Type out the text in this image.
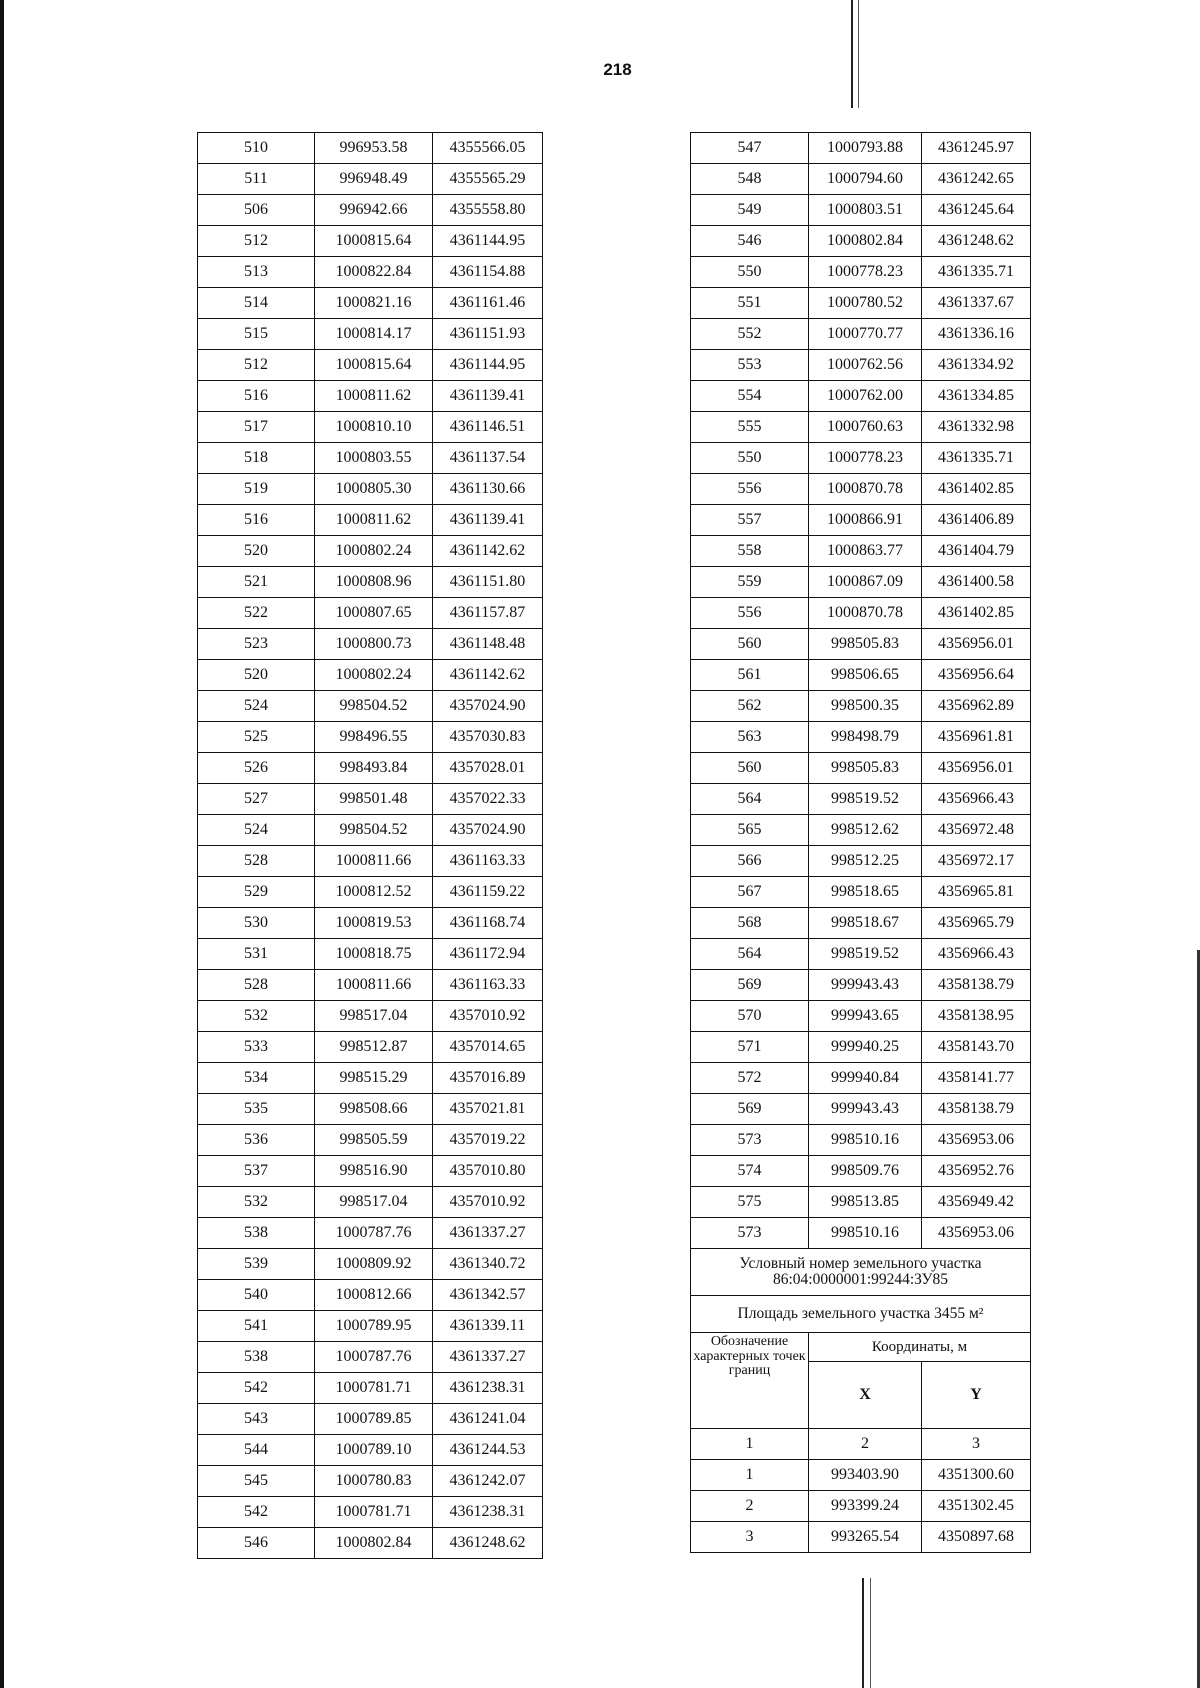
218
510	996953.58	4355566.05
511	996948.49	4355565.29
506	996942.66	4355558.80
512	1000815.64	4361144.95
513	1000822.84	4361154.88
514	1000821.16	4361161.46
515	1000814.17	4361151.93
512	1000815.64	4361144.95
516	1000811.62	4361139.41
517	1000810.10	4361146.51
518	1000803.55	4361137.54
519	1000805.30	4361130.66
516	1000811.62	4361139.41
520	1000802.24	4361142.62
521	1000808.96	4361151.80
522	1000807.65	4361157.87
523	1000800.73	4361148.48
520	1000802.24	4361142.62
524	998504.52	4357024.90
525	998496.55	4357030.83
526	998493.84	4357028.01
527	998501.48	4357022.33
524	998504.52	4357024.90
528	1000811.66	4361163.33
529	1000812.52	4361159.22
530	1000819.53	4361168.74
531	1000818.75	4361172.94
528	1000811.66	4361163.33
532	998517.04	4357010.92
533	998512.87	4357014.65
534	998515.29	4357016.89
535	998508.66	4357021.81
536	998505.59	4357019.22
537	998516.90	4357010.80
532	998517.04	4357010.92
538	1000787.76	4361337.27
539	1000809.92	4361340.72
540	1000812.66	4361342.57
541	1000789.95	4361339.11
538	1000787.76	4361337.27
542	1000781.71	4361238.31
543	1000789.85	4361241.04
544	1000789.10	4361244.53
545	1000780.83	4361242.07
542	1000781.71	4361238.31
546	1000802.84	4361248.62
547	1000793.88	4361245.97
548	1000794.60	4361242.65
549	1000803.51	4361245.64
546	1000802.84	4361248.62
550	1000778.23	4361335.71
551	1000780.52	4361337.67
552	1000770.77	4361336.16
553	1000762.56	4361334.92
554	1000762.00	4361334.85
555	1000760.63	4361332.98
550	1000778.23	4361335.71
556	1000870.78	4361402.85
557	1000866.91	4361406.89
558	1000863.77	4361404.79
559	1000867.09	4361400.58
556	1000870.78	4361402.85
560	998505.83	4356956.01
561	998506.65	4356956.64
562	998500.35	4356962.89
563	998498.79	4356961.81
560	998505.83	4356956.01
564	998519.52	4356966.43
565	998512.62	4356972.48
566	998512.25	4356972.17
567	998518.65	4356965.81
568	998518.67	4356965.79
564	998519.52	4356966.43
569	999943.43	4358138.79
570	999943.65	4358138.95
571	999940.25	4358143.70
572	999940.84	4358141.77
569	999943.43	4358138.79
573	998510.16	4356953.06
574	998509.76	4356952.76
575	998513.85	4356949.42
573	998510.16	4356953.06

Условный номер земельного участка
86:04:0000001:99244:ЗУ85		

Площадь земельного участка 3455 м²		
Обозначение характерных точек границ	Координаты, м	
	X	Y
1	2	3
1	993403.90	4351300.60
2	993399.24	4351302.45
3	993265.54	4350897.68
